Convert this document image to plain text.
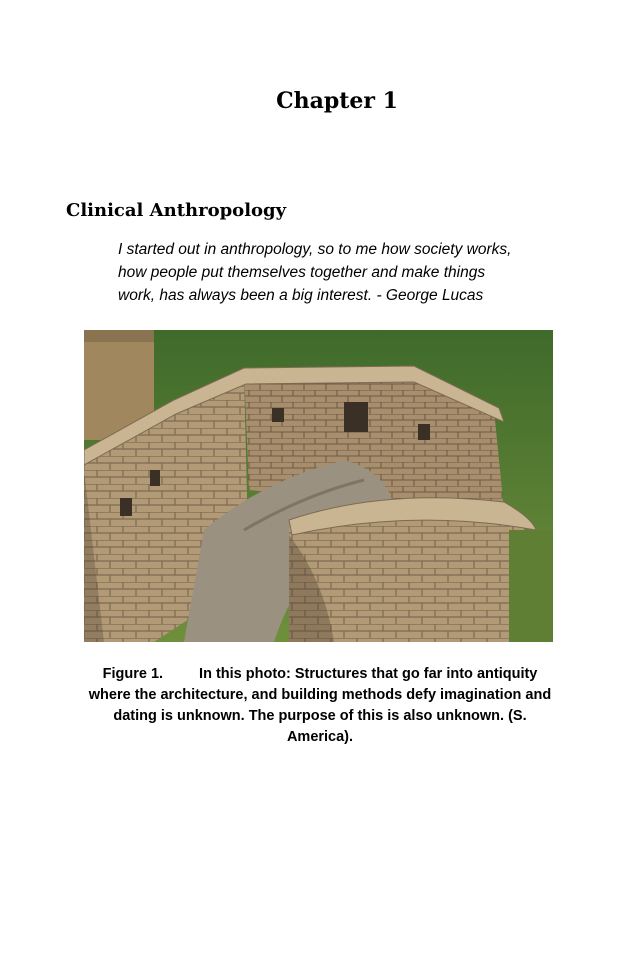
Chapter 1
Clinical Anthropology
I started out in anthropology, so to me how society works,
how people put themselves together and make things
work, has always been a big interest. - George Lucas
Figure 1. In this photo: Structures that go far into antiquity
where the architecture, and building methods defy imagination and
dating is unknown. The purpose of this is also unknown. (S.
America).
